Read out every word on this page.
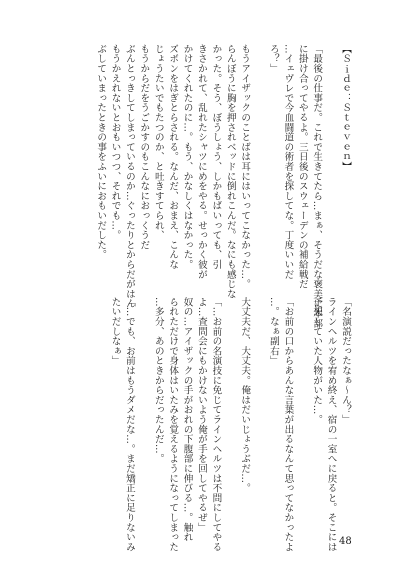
【Ｓｉｄｅ：Ｓｔｅｖｅｎ】
「最後の仕事だ。これで生きてたら…まぁ、そうだな褒美に本部
に掛け合ってやるよ。三日後のスウェーデンの補給戦だ
…イェヴレで今血闘道の術者を探してな。丁度いいだ
ろ？」
もうアイザックのことばは耳にはいってこなかった…。
らんぼうに胸を押されベッドに倒れこんだ。なにも感じな
かった。そう、ぼうしょう、しかもばいっても、引
きさかれて、乱れたシャツにめをやる。せっかく彼が
かけてくれたのに…。もう、かなしくはなかった。
ズボンをはぎとらされる。なんだ、おまえ、こんな
じょうたいでもたつのか、と吐きすてられ、
もうからだをうごかすのもこんなにおっくうだ
ぶんとっきしてしまっているのか…ぐったりとからだがはん
もうかえれないとおもいつつ、それでも…。
ぶしていまったときの事をふいにおもいだした。
「名演説だったなぁ～ん？」
ラインヘルツを宥め終え、宿の一室へに戻ると。そこには
予想していた人物がいた…。
「お前の口からあんな言葉が出るなんて思ってなかったよ
…。なぁ副右」
大丈夫だ、大丈夫。俺はだいじょうぶだ…。
「…お前の名演技に免じてラインヘルツは不問にしてやる
よ…査問会にもかけないよう俺が手を回してやるぜ」
奴の…アイザックの手がおれの下腹部に伸びる…。触れ
られただけで身体はいたみを覚えるようになってしまった
…多分、あのときからだったんだ…。
「…でも、お前はもうダメだな…。まだ矯正に足りないみ
たいだしなぁ」
48
